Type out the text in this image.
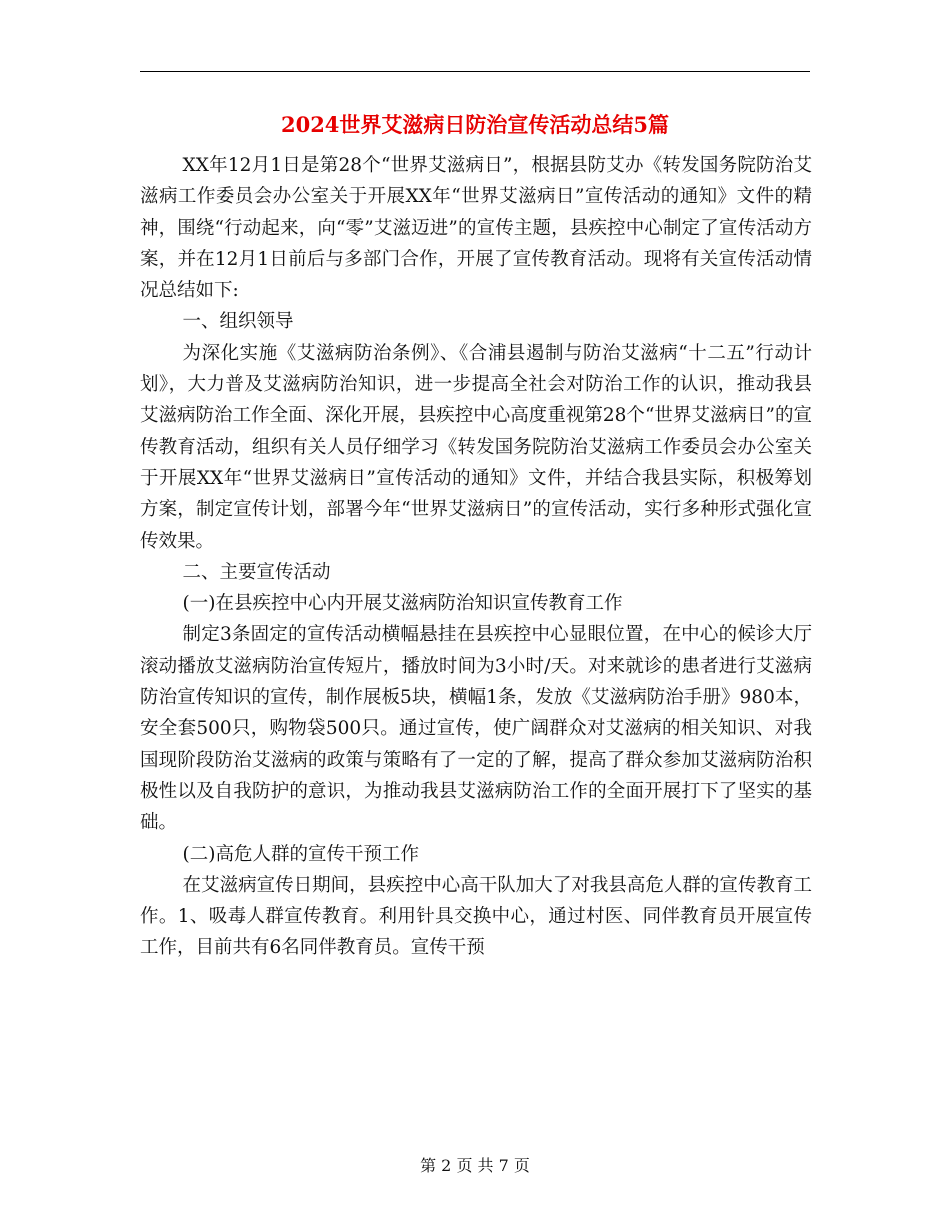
2024世界艾滋病日防治宣传活动总结5篇

XX年12月1日是第28个“世界艾滋病日”，根据县防艾办《转发国务院防治艾滋病工作委员会办公室关于开展XX年“世界艾滋病日”宣传活动的通知》文件的精神，围绕“行动起来，向“零”艾滋迈进”的宣传主题，县疾控中心制定了宣传活动方案，并在12月1日前后与多部门合作，开展了宣传教育活动。现将有关宣传活动情况总结如下:

一、组织领导

为深化实施《艾滋病防治条例》、《合浦县遏制与防治艾滋病“十二五”行动计划》，大力普及艾滋病防治知识，进一步提高全社会对防治工作的认识，推动我县艾滋病防治工作全面、深化开展，县疾控中心高度重视第28个“世界艾滋病日”的宣传教育活动，组织有关人员仔细学习《转发国务院防治艾滋病工作委员会办公室关于开展XX年“世界艾滋病日”宣传活动的通知》文件，并结合我县实际，积极筹划方案，制定宣传计划，部署今年“世界艾滋病日”的宣传活动，实行多种形式强化宣传效果。

二、主要宣传活动

(一)在县疾控中心内开展艾滋病防治知识宣传教育工作

制定3条固定的宣传活动横幅悬挂在县疾控中心显眼位置，在中心的候诊大厅滚动播放艾滋病防治宣传短片，播放时间为3小时/天。对来就诊的患者进行艾滋病防治宣传知识的宣传，制作展板5块，横幅1条，发放《艾滋病防治手册》980本，安全套500只，购物袋500只。通过宣传，使广阔群众对艾滋病的相关知识、对我国现阶段防治艾滋病的政策与策略有了一定的了解，提高了群众参加艾滋病防治积极性以及自我防护的意识，为推动我县艾滋病防治工作的全面开展打下了坚实的基础。

(二)高危人群的宣传干预工作

在艾滋病宣传日期间，县疾控中心高干队加大了对我县高危人群的宣传教育工作。1、吸毒人群宣传教育。利用针具交换中心，通过村医、同伴教育员开展宣传工作，目前共有6名同伴教育员。宣传干预

第 2 页 共 7 页
